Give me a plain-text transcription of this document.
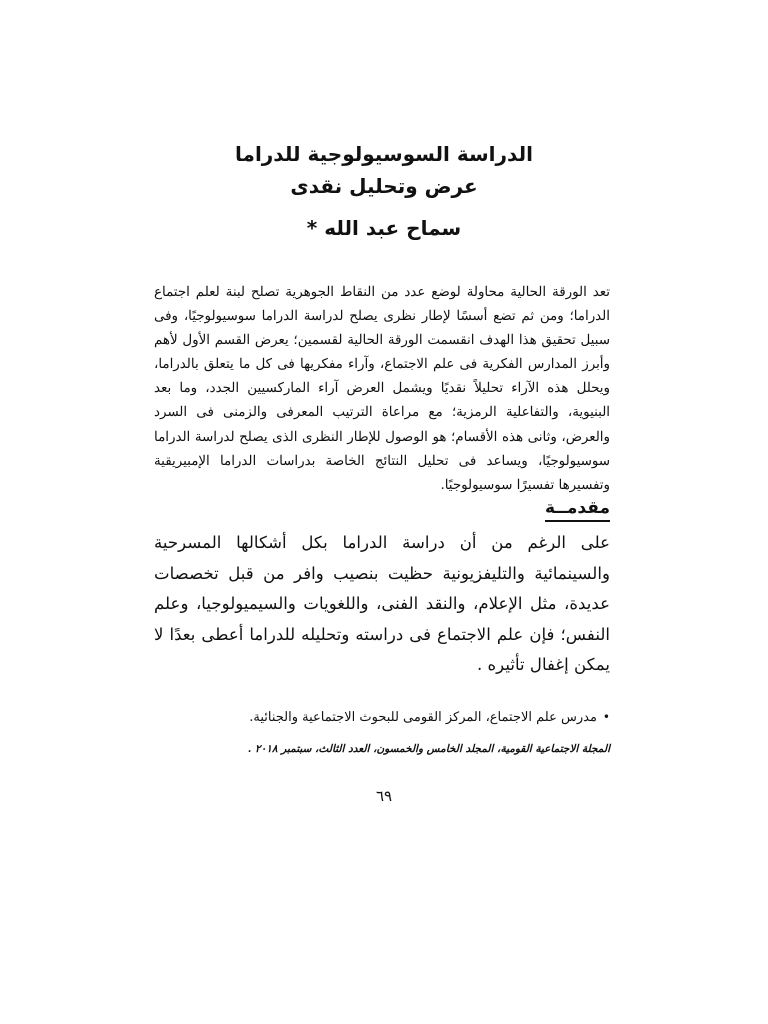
الدراسة السوسيولوجية للدراما
عرض وتحليل نقدى
سماح عبد الله *

تعد الورقة الحالية محاولة لوضع عدد من النقاط الجوهرية تصلح لبنة لعلم اجتماع الدراما؛ ومن ثم تضع أسسًا لإطار نظرى يصلح لدراسة الدراما سوسيولوجيًا، وفى سبيل تحقيق هذا الهدف انقسمت الورقة الحالية لقسمين؛ يعرض القسم الأول لأهم وأبرز المدارس الفكرية فى علم الاجتماع، وآراء مفكريها فى كل ما يتعلق بالدراما، ويحلل هذه الآراء تحليلاً نقديًا ويشمل العرض آراء الماركسيين الجدد، وما بعد البنيوية، والتفاعلية الرمزية؛ مع مراعاة الترتيب المعرفى والزمنى فى السرد والعرض، وثانى هذه الأقسام؛ هو الوصول للإطار النظرى الذى يصلح لدراسة الدراما سوسيولوجيًا، ويساعد فى تحليل النتائج الخاصة بدراسات الدراما الإمبيريقية وتفسيرها تفسيرًا سوسيولوجيًا.

مقدمــة

على الرغم من أن دراسة الدراما بكل أشكالها المسرحية والسينمائية والتليفزيونية حظيت بنصيب وافر من قبل تخصصات عديدة، مثل الإعلام، والنقد الفنى، واللغويات والسيميولوجيا، وعلم النفس؛ فإن علم الاجتماع فى دراسته وتحليله للدراما أعطى بعدًا لا يمكن إغفال تأثيره .

•مدرس علم الاجتماع، المركز القومى للبحوث الاجتماعية والجنائية.

المجلة الاجتماعية القومية، المجلد الخامس والخمسون، العدد الثالث، سبتمبر ٢٠١٨ .

٦٩
